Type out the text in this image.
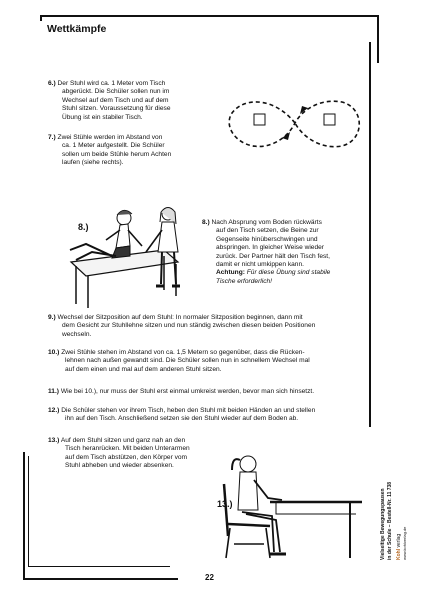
Wettkämpfe
6.) Der Stuhl wird ca. 1 Meter vom Tisch
abgerückt. Die Schüler sollen nun im
Wechsel auf dem Tisch und auf dem
Stuhl sitzen. Voraussetzung für diese
Übung ist ein stabiler Tisch.
7.) Zwei Stühle werden im Abstand von
ca. 1 Meter aufgestellt. Die Schüler
sollen um beide Stühle herum Achten
laufen (siehe rechts).
8.)	8.) Nach Absprung vom Boden rückwärts
auf den Tisch setzen, die Beine zur
Gegenseite hinüberschwingen und
abspringen. In gleicher Weise wieder
zurück. Der Partner hält den Tisch fest,
damit er nicht umkippen kann.
Achtung: Für diese Übung sind stabile
Tische erforderlich!
9.) Wechsel der Sitzposition auf dem Stuhl: In normaler Sitzposition beginnen, dann mit
dem Gesicht zur Stuhllehne sitzen und nun ständig zwischen diesen beiden Positionen
wechseln.
10.) Zwei Stühle stehen im Abstand von ca. 1,5 Metern so gegenüber, dass die Rücken-
lehnen nach außen gewandt sind. Die Schüler sollen nun in schnellem Wechsel mal
auf dem einen und mal auf dem anderen Stuhl sitzen.
11.) Wie bei 10.), nur muss der Stuhl erst einmal umkreist werden, bevor man sich hinsetzt.
12.) Die Schüler stehen vor ihrem Tisch, heben den Stuhl mit beiden Händen an und stellen
ihn auf den Tisch. Anschließend setzen sie den Stuhl wieder auf dem Boden ab.
13.) Auf dem Stuhl sitzen und ganz nah an den
Tisch heranrücken. Mit beiden Unterarmen
auf dem Tisch abstützen, den Körper vom
Stuhl abheben und wieder absenken.
13.)	Vielseitige Bewegungspausen in der Schule – Bestell-Nr. 11 738 www.kohlverlag.de
Kohl verlag
22
